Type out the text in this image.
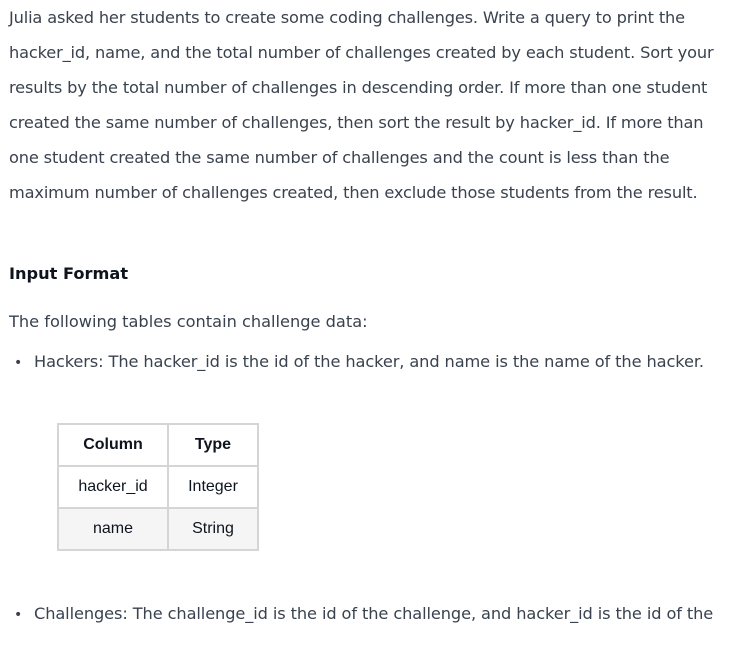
Julia asked her students to create some coding challenges. Write a query to print the hacker_id, name, and the total number of challenges created by each student. Sort your results by the total number of challenges in descending order. If more than one student created the same number of challenges, then sort the result by hacker_id. If more than one student created the same number of challenges and the count is less than the maximum number of challenges created, then exclude those students from the result.

Input Format

The following tables contain challenge data:

• Hackers: The hacker_id is the id of the hacker, and name is the name of the hacker.

Column	Type
hacker_id	Integer
name	String

• Challenges: The challenge_id is the id of the challenge, and hacker_id is the id of the
